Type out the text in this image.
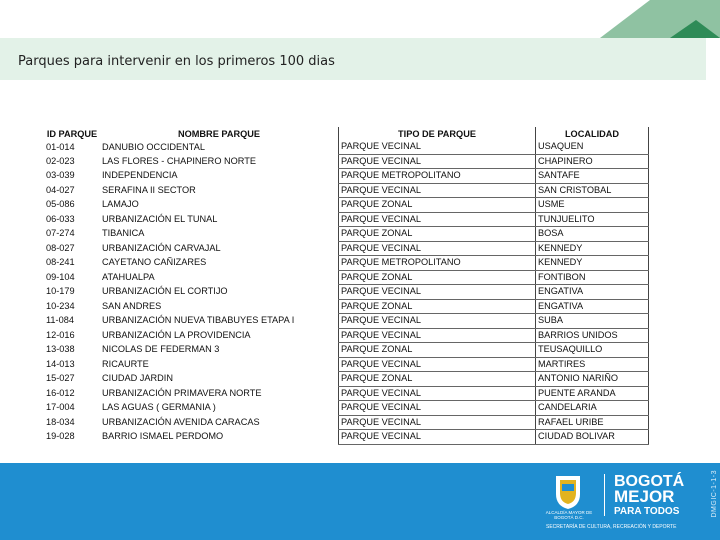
Parques para intervenir en los primeros 100 dias
ID PARQUE	NOMBRE PARQUE	TIPO DE PARQUE	LOCALIDAD
01-014	DANUBIO OCCIDENTAL	PARQUE VECINAL	USAQUEN
02-023	LAS FLORES - CHAPINERO NORTE	PARQUE VECINAL	CHAPINERO
03-039	INDEPENDENCIA	PARQUE METROPOLITANO	SANTAFE
04-027	SERAFINA II SECTOR	PARQUE VECINAL	SAN CRISTOBAL
05-086	LAMAJO	PARQUE ZONAL	USME
06-033	URBANIZACIÓN EL TUNAL	PARQUE VECINAL	TUNJUELITO
07-274	TIBANICA	PARQUE ZONAL	BOSA
08-027	URBANIZACIÓN CARVAJAL	PARQUE VECINAL	KENNEDY
08-241	CAYETANO CAÑIZARES	PARQUE METROPOLITANO	KENNEDY
09-104	ATAHUALPA	PARQUE ZONAL	FONTIBON
10-179	URBANIZACIÓN EL CORTIJO	PARQUE VECINAL	ENGATIVA
10-234	SAN ANDRES	PARQUE ZONAL	ENGATIVA
11-084	URBANIZACIÓN NUEVA TIBABUYES ETAPA I	PARQUE VECINAL	SUBA
12-016	URBANIZACIÓN LA PROVIDENCIA	PARQUE VECINAL	BARRIOS UNIDOS
13-038	NICOLAS DE FEDERMAN 3	PARQUE ZONAL	TEUSAQUILLO
14-013	RICAURTE	PARQUE VECINAL	MARTIRES
15-027	CIUDAD JARDIN	PARQUE ZONAL	ANTONIO NARIÑO
16-012	URBANIZACIÓN PRIMAVERA NORTE	PARQUE VECINAL	PUENTE ARANDA
17-004	LAS AGUAS ( GERMANIA )	PARQUE VECINAL	CANDELARIA
18-034	URBANIZACIÓN AVENIDA CARACAS	PARQUE VECINAL	RAFAEL URIBE
19-028	BARRIO ISMAEL PERDOMO	PARQUE VECINAL	CIUDAD BOLIVAR
ALCALDÍA MAYOR DE BOGOTÁ D.C.
BOGOTÁ
MEJOR
PARA TODOS
SECRETARÍA DE CULTURA, RECREACIÓN Y DEPORTE
DMGIC-1-1-3
